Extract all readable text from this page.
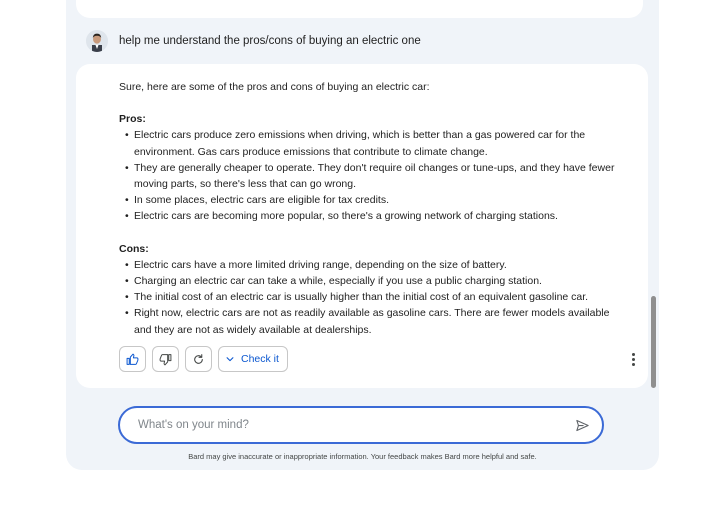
help me understand the pros/cons of buying an electric one

Sure, here are some of the pros and cons of buying an electric car:

Pros:

• Electric cars produce zero emissions when driving, which is better than a gas powered car for the environment. Gas cars produce emissions that contribute to climate change.
• They are generally cheaper to operate. They don't require oil changes or tune-ups, and they have fewer moving parts, so there's less that can go wrong.
• In some places, electric cars are eligible for tax credits.
• Electric cars are becoming more popular, so there's a growing network of charging stations.

Cons:

• Electric cars have a more limited driving range, depending on the size of battery.
• Charging an electric car can take a while, especially if you use a public charging station.
• The initial cost of an electric car is usually higher than the initial cost of an equivalent gasoline car.
• Right now, electric cars are not as readily available as gasoline cars. There are fewer models available and they are not as widely available at dealerships.
Check it
What's on your mind?
Bard may give inaccurate or inappropriate information. Your feedback makes Bard more helpful and safe.
